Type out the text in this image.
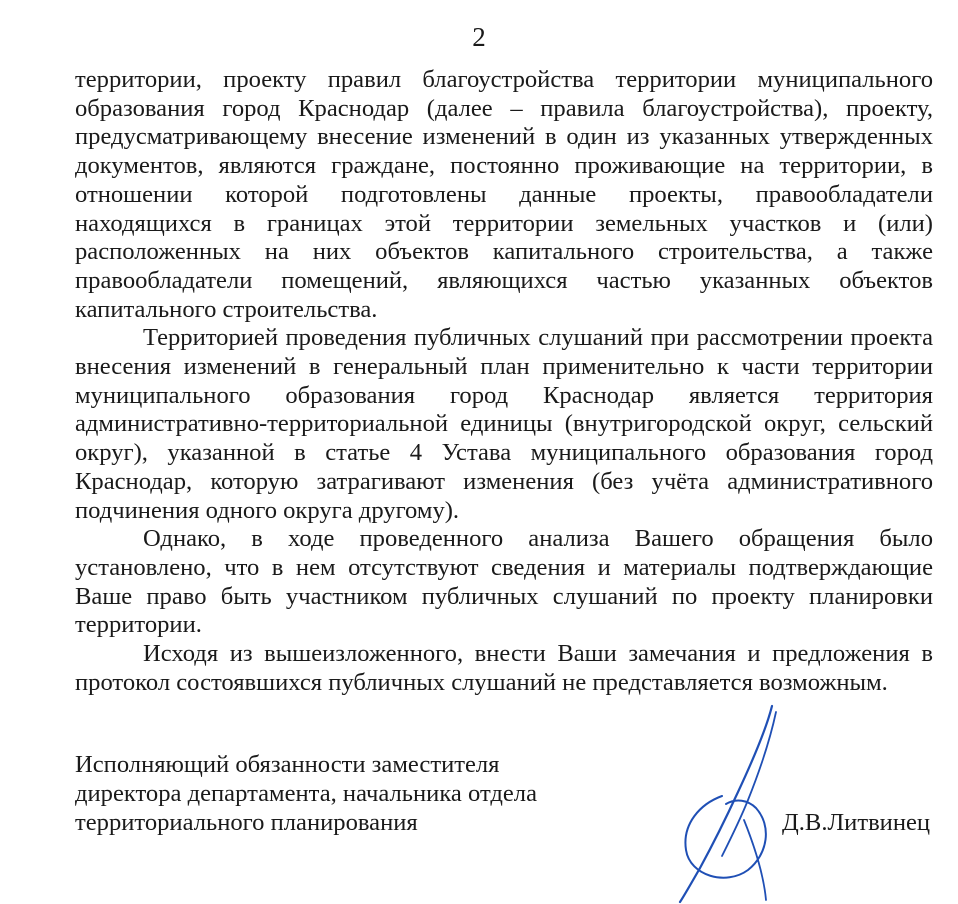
2

территории, проекту правил благоустройства территории муниципального образования город Краснодар (далее – правила благоустройства), проекту, предусматривающему внесение изменений в один из указанных утвержденных документов, являются граждане, постоянно проживающие на территории, в отношении которой подготовлены данные проекты, правообладатели находящихся в границах этой территории земельных участков и (или) расположенных на них объектов капитального строительства, а также правообладатели помещений, являющихся частью указанных объектов капитального строительства.

Территорией проведения публичных слушаний при рассмотрении проекта внесения изменений в генеральный план применительно к части территории муниципального образования город Краснодар является территория административно-территориальной единицы (внутригородской округ, сельский округ), указанной в статье 4 Устава муниципального образования город Краснодар, которую затрагивают изменения (без учёта административного подчинения одного округа другому).

Однако, в ходе проведенного анализа Вашего обращения было установлено, что в нем отсутствуют сведения и материалы подтверждающие Ваше право быть участником публичных слушаний по проекту планировки территории.

Исходя из вышеизложенного, внести Ваши замечания и предложения в протокол состоявшихся публичных слушаний не представляется возможным.

Исполняющий обязанности заместителя
директора департамента, начальника отдела
территориального планирования	Д.В.Литвинец
